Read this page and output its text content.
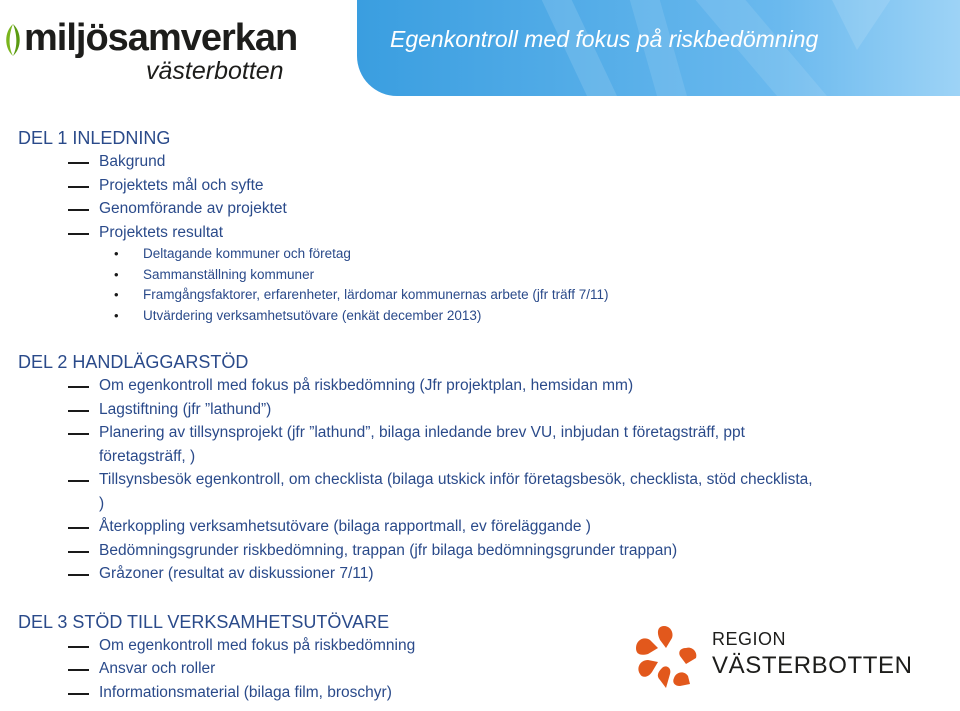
miljösamverkan
västerbotten
Egenkontroll med fokus på riskbedömning
DEL 1 INLEDNING
Bakgrund
Projektets mål och syfte
Genomförande av projektet
Projektets resultat
• Deltagande kommuner och företag
• Sammanställning kommuner
• Framgångsfaktorer, erfarenheter, lärdomar kommunernas arbete (jfr träff 7/11)
• Utvärdering verksamhetsutövare (enkät december 2013)
DEL 2 HANDLÄGGARSTÖD
Om egenkontroll med fokus på riskbedömning (Jfr projektplan, hemsidan mm)
Lagstiftning (jfr ”lathund”)
Planering av tillsynsprojekt (jfr ”lathund”, bilaga inledande brev VU, inbjudan t företagsträff, ppt företagsträff, )
Tillsynsbesök egenkontroll, om checklista (bilaga utskick inför företagsbesök, checklista, stöd checklista, )
Återkoppling verksamhetsutövare (bilaga rapportmall, ev föreläggande )
Bedömningsgrunder riskbedömning, trappan (jfr bilaga bedömningsgrunder trappan)
Gråzoner (resultat av diskussioner 7/11)
DEL 3 STÖD TILL VERKSAMHETSUTÖVARE
Om egenkontroll med fokus på riskbedömning
Ansvar och roller
Informationsmaterial (bilaga film, broschyr)
REGION
VÄSTERBOTTEN
